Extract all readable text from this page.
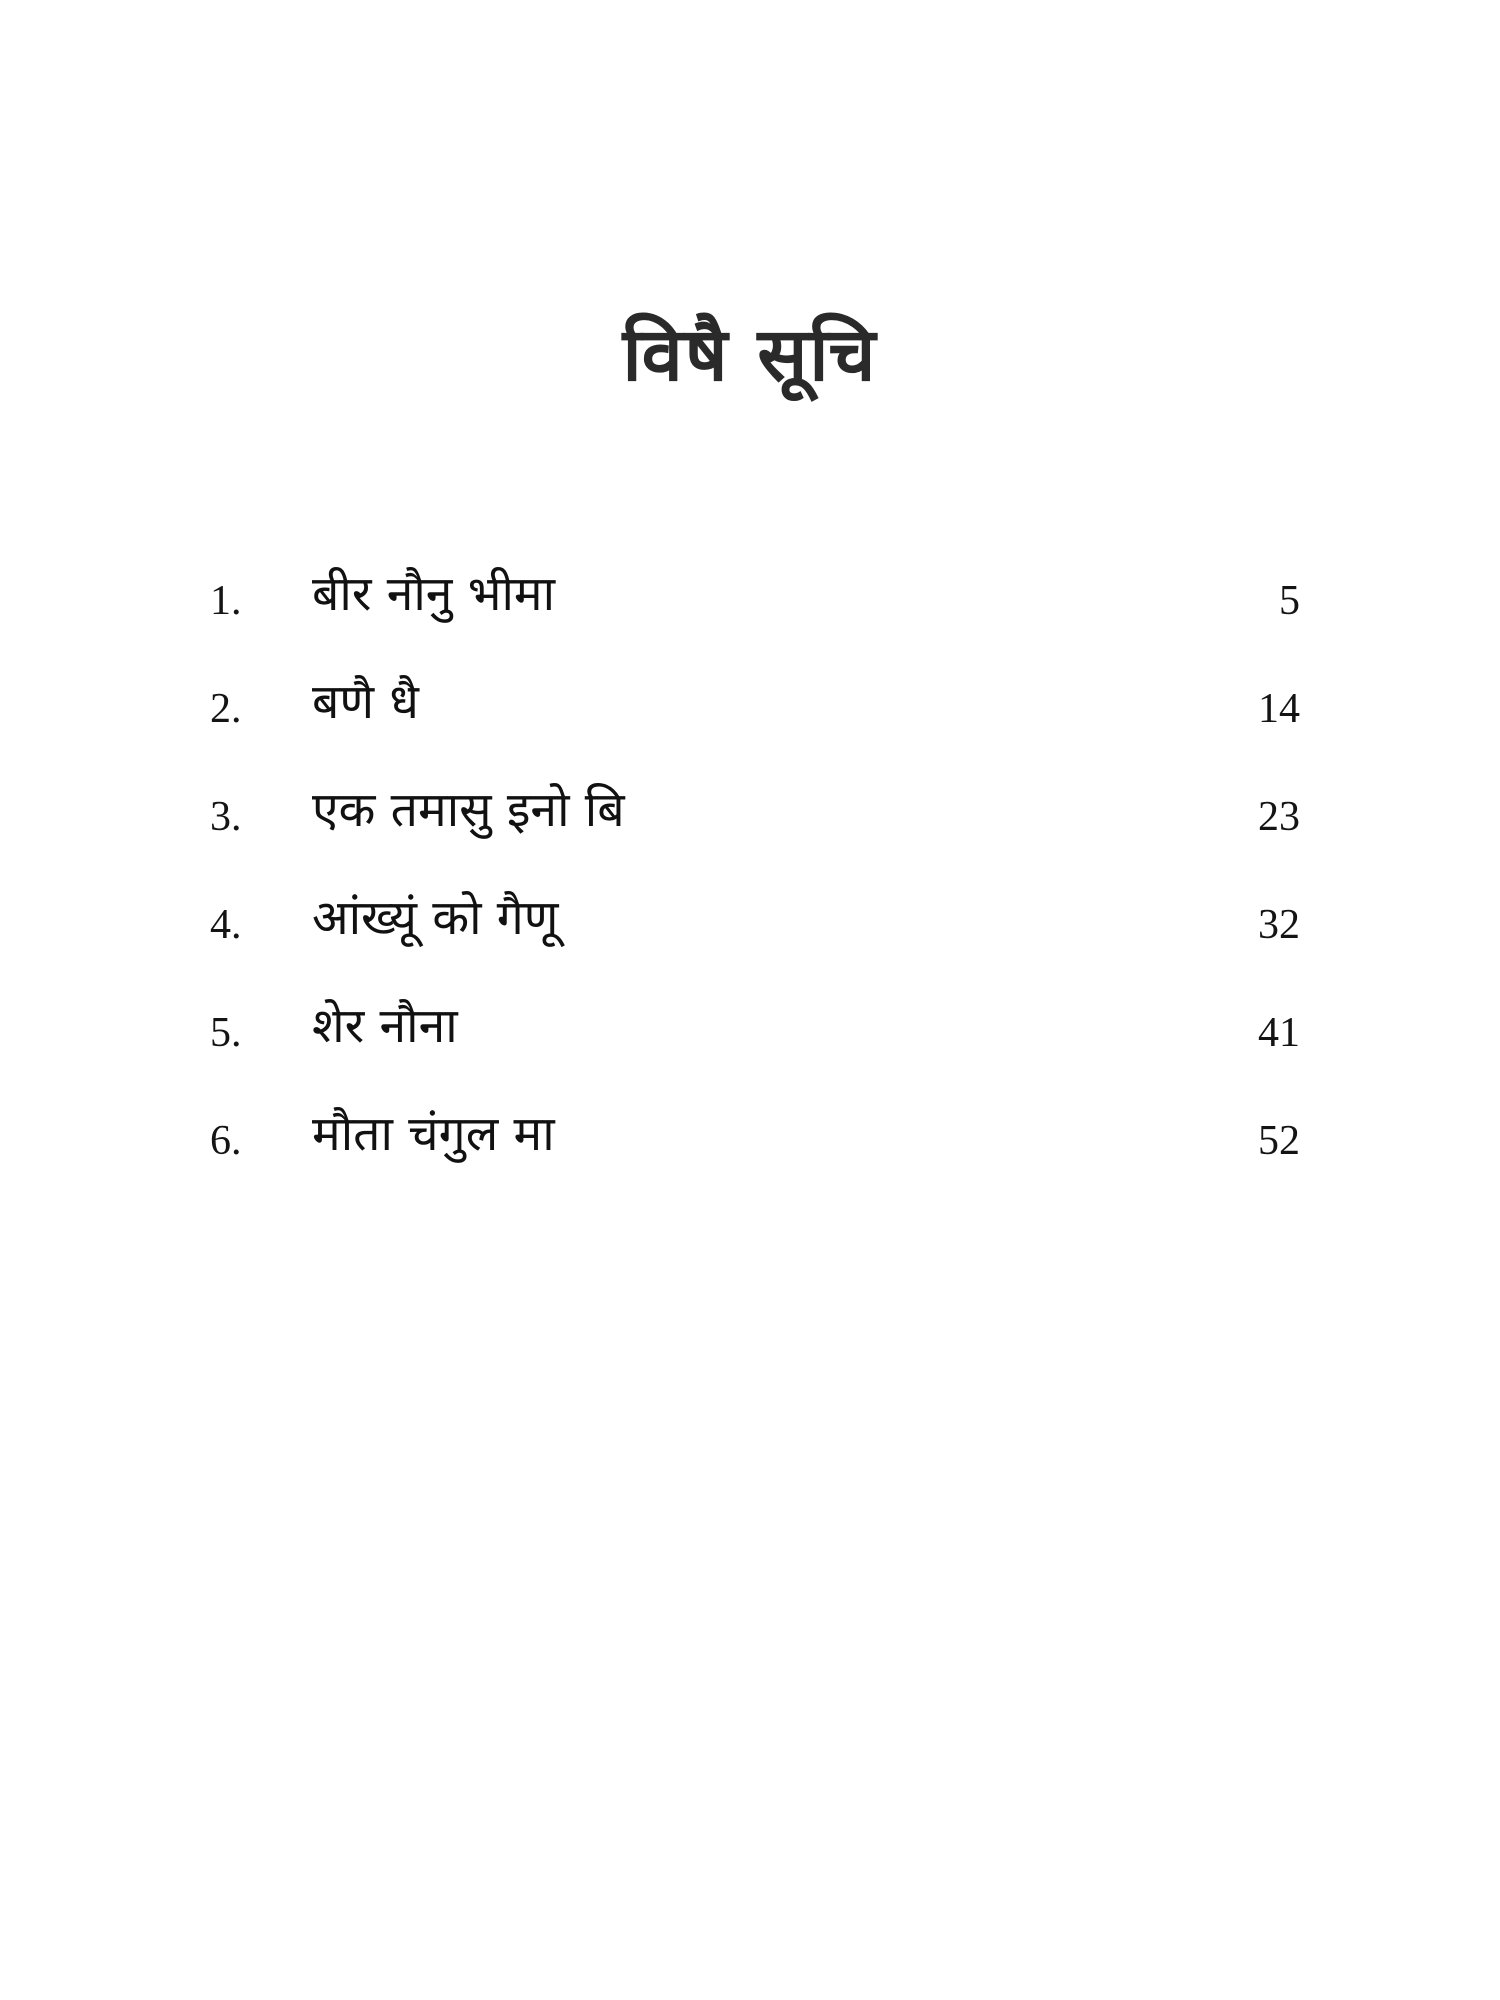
विषै सूचि
1. बीर नौनु भीमा	5
2. बणै धै	14
3. एक तमासु इनो बि	23
4. आंख्यूं को गैणू	32
5. शेर नौना	41
6. मौता चंगुल मा	52
